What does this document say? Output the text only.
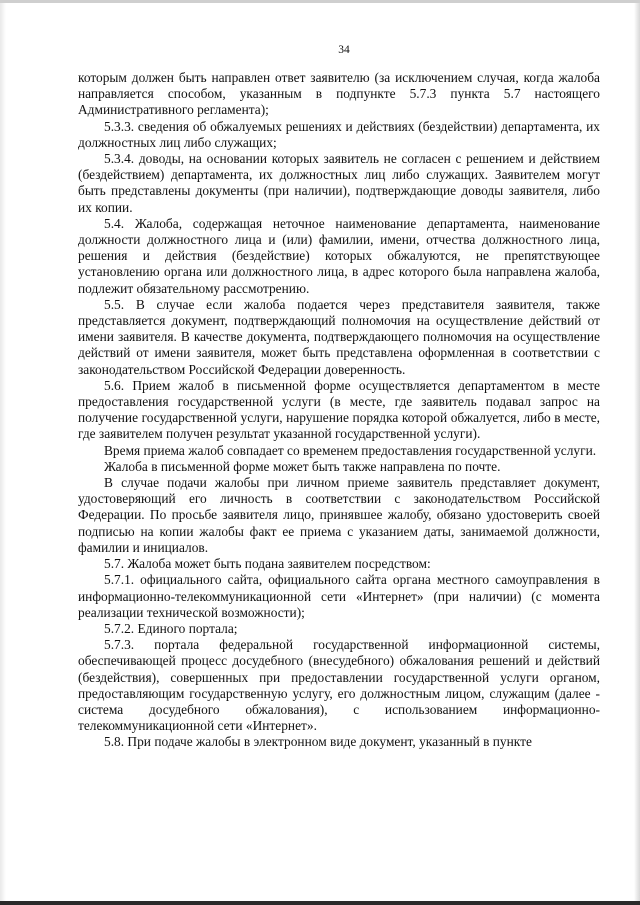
34

которым должен быть направлен ответ заявителю (за исключением случая, когда жалоба направляется способом, указанным в подпункте 5.7.3 пункта 5.7 настоящего Административного регламента);

5.3.3. сведения об обжалуемых решениях и действиях (бездействии) департамента, их должностных лиц либо служащих;

5.3.4. доводы, на основании которых заявитель не согласен с решением и действием (бездействием) департамента, их должностных лиц либо служащих. Заявителем могут быть представлены документы (при наличии), подтверждающие доводы заявителя, либо их копии.

5.4. Жалоба, содержащая неточное наименование департамента, наименование должности должностного лица и (или) фамилии, имени, отчества должностного лица, решения и действия (бездействие) которых обжалуются, не препятствующее установлению органа или должностного лица, в адрес которого была направлена жалоба, подлежит обязательному рассмотрению.

5.5. В случае если жалоба подается через представителя заявителя, также представляется документ, подтверждающий полномочия на осуществление действий от имени заявителя. В качестве документа, подтверждающего полномочия на осуществление действий от имени заявителя, может быть представлена оформленная в соответствии с законодательством Российской Федерации доверенность.

5.6. Прием жалоб в письменной форме осуществляется департаментом в месте предоставления государственной услуги (в месте, где заявитель подавал запрос на получение государственной услуги, нарушение порядка которой обжалуется, либо в месте, где заявителем получен результат указанной государственной услуги).

Время приема жалоб совпадает со временем предоставления государственной услуги.

Жалоба в письменной форме может быть также направлена по почте.

В случае подачи жалобы при личном приеме заявитель представляет документ, удостоверяющий его личность в соответствии с законодательством Российской Федерации. По просьбе заявителя лицо, принявшее жалобу, обязано удостоверить своей подписью на копии жалобы факт ее приема с указанием даты, занимаемой должности, фамилии и инициалов.

5.7. Жалоба может быть подана заявителем посредством:

5.7.1. официального сайта, официального сайта органа местного самоуправления в информационно-телекоммуникационной сети «Интернет» (при наличии) (с момента реализации технической возможности);

5.7.2. Единого портала;

5.7.3. портала федеральной государственной информационной системы, обеспечивающей процесс досудебного (внесудебного) обжалования решений и действий (бездействия), совершенных при предоставлении государственной услуги органом, предоставляющим государственную услугу, его должностным лицом, служащим (далее - система досудебного обжалования), с использованием информационно-телекоммуникационной сети «Интернет».

5.8. При подаче жалобы в электронном виде документ, указанный в пункте
